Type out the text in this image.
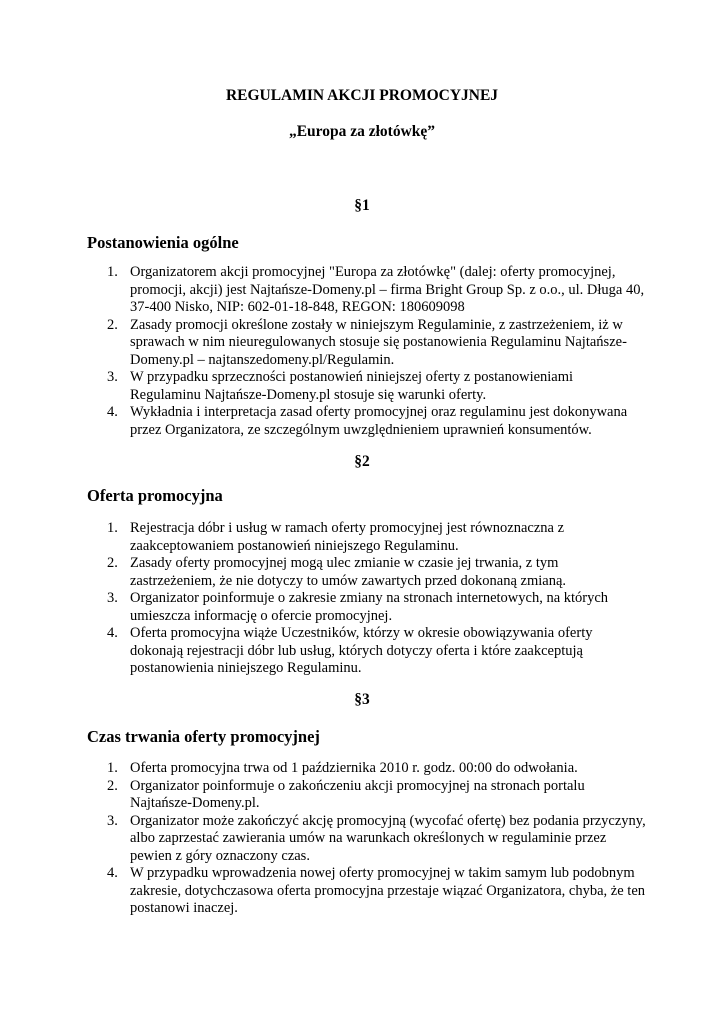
REGULAMIN AKCJI PROMOCYJNEJ
„Europa za złotówkę”
§1
Postanowienia ogólne
1. Organizatorem akcji promocyjnej "Europa za złotówkę" (dalej: oferty promocyjnej, promocji, akcji) jest Najtańsze-Domeny.pl – firma Bright Group Sp. z o.o., ul. Długa 40, 37-400 Nisko, NIP: 602-01-18-848, REGON: 180609098
2. Zasady promocji określone zostały w niniejszym Regulaminie, z zastrzeżeniem, iż w sprawach w nim nieuregulowanych stosuje się postanowienia Regulaminu Najtańsze-Domeny.pl – najtanszedomeny.pl/Regulamin.
3. W przypadku sprzeczności postanowień niniejszej oferty z postanowieniami Regulaminu Najtańsze-Domeny.pl stosuje się warunki oferty.
4. Wykładnia i interpretacja zasad oferty promocyjnej oraz regulaminu jest dokonywana przez Organizatora, ze szczególnym uwzględnieniem uprawnień konsumentów.
§2
Oferta promocyjna
1. Rejestracja dóbr i usług w ramach oferty promocyjnej jest równoznaczna z zaakceptowaniem postanowień niniejszego Regulaminu.
2. Zasady oferty promocyjnej mogą ulec zmianie w czasie jej trwania, z tym zastrzeżeniem, że nie dotyczy to umów zawartych przed dokonaną zmianą.
3. Organizator poinformuje o zakresie zmiany na stronach internetowych, na których umieszcza informację o ofercie promocyjnej.
4. Oferta promocyjna wiąże Uczestników, którzy w okresie obowiązywania oferty dokonają rejestracji dóbr lub usług, których dotyczy oferta i które zaakceptują postanowienia niniejszego Regulaminu.
§3
Czas trwania oferty promocyjnej
1. Oferta promocyjna trwa od 1 października 2010 r. godz. 00:00 do odwołania.
2. Organizator poinformuje o zakończeniu akcji promocyjnej na stronach portalu Najtańsze-Domeny.pl.
3. Organizator może zakończyć akcję promocyjną (wycofać ofertę) bez podania przyczyny, albo zaprzestać zawierania umów na warunkach określonych w regulaminie przez pewien z góry oznaczony czas.
4. W przypadku wprowadzenia nowej oferty promocyjnej w takim samym lub podobnym zakresie, dotychczasowa oferta promocyjna przestaje wiązać Organizatora, chyba, że ten postanowi inaczej.
